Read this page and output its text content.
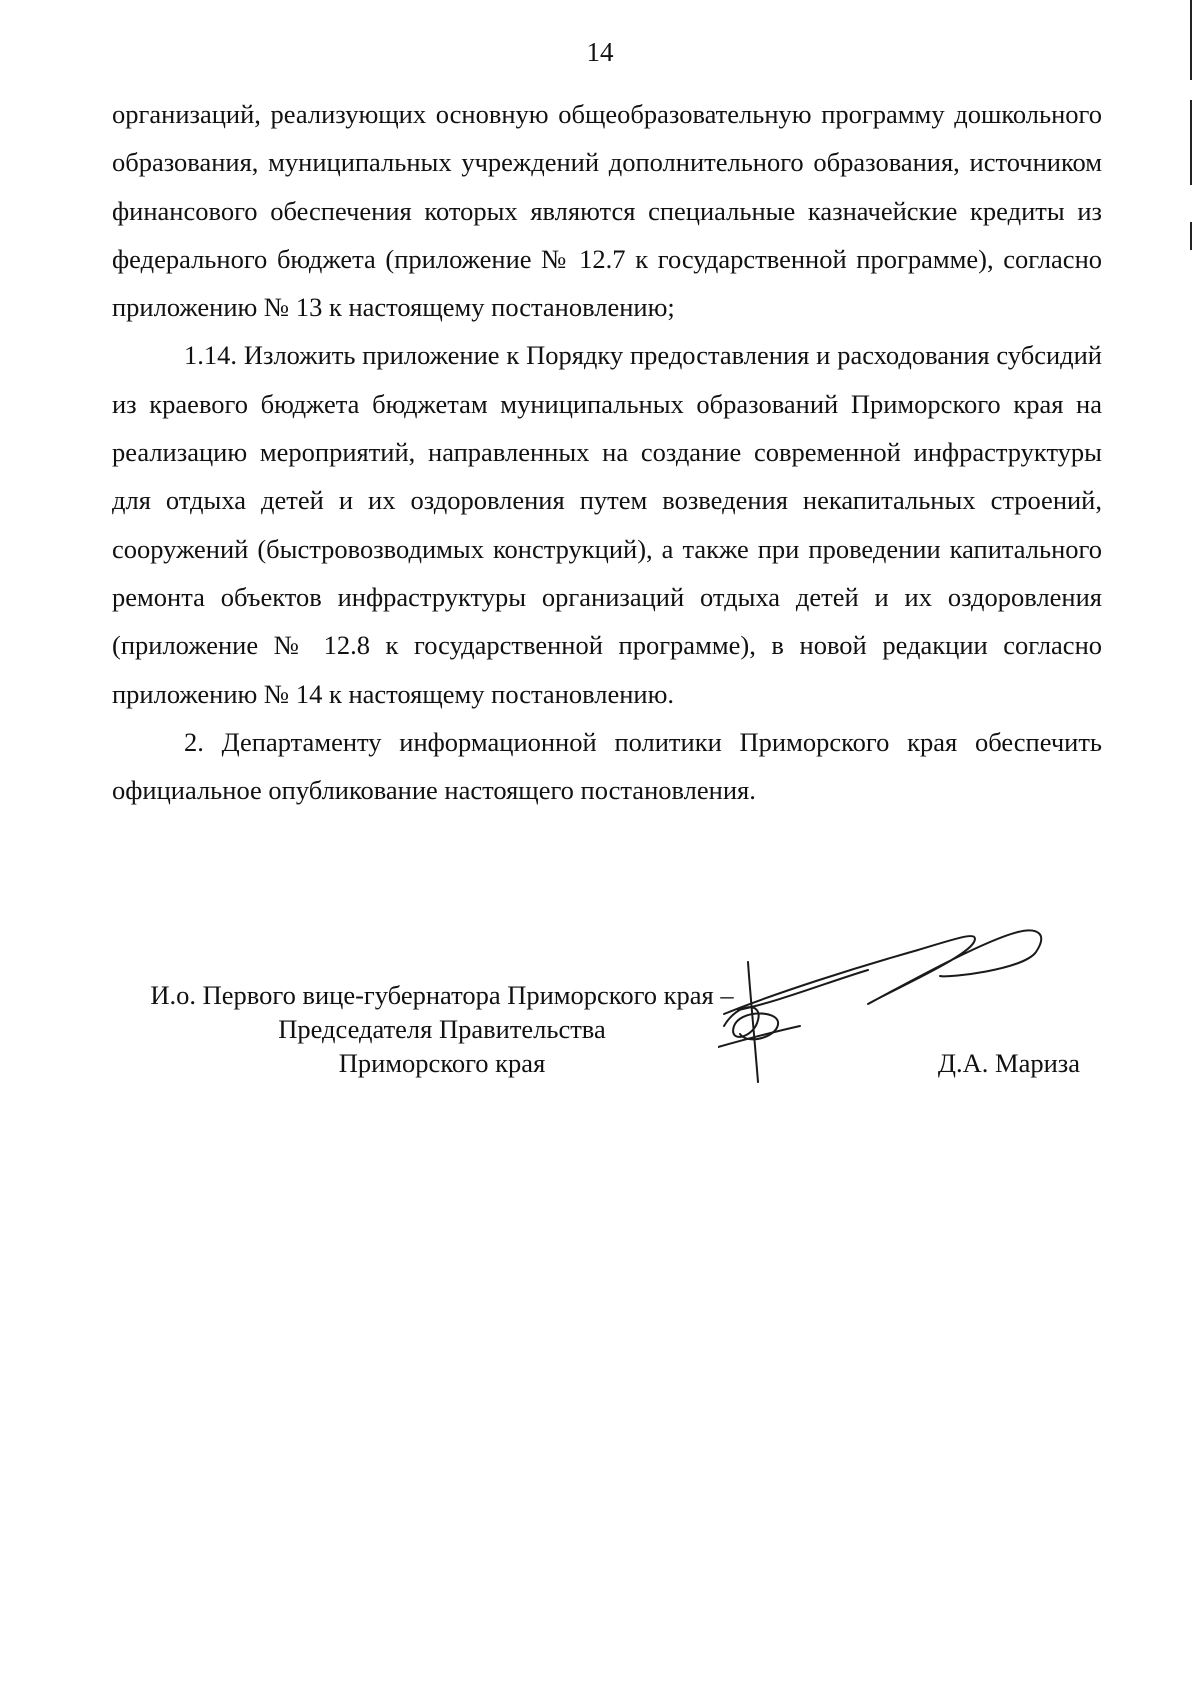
14

организаций, реализующих основную общеобразовательную программу дошкольного образования, муниципальных учреждений дополнительного образования, источником финансового обеспечения которых являются специальные казначейские кредиты из федерального бюджета (приложение № 12.7 к государственной программе), согласно приложению № 13 к настоящему постановлению;

1.14. Изложить приложение к Порядку предоставления и расходования субсидий из краевого бюджета бюджетам муниципальных образований Приморского края на реализацию мероприятий, направленных на создание современной инфраструктуры для отдыха детей и их оздоровления путем возведения некапитальных строений, сооружений (быстровозводимых конструкций), а также при проведении капитального ремонта объектов инфраструктуры организаций отдыха детей и их оздоровления (приложение № 12.8 к государственной программе), в новой редакции согласно приложению № 14 к настоящему постановлению.

2. Департаменту информационной политики Приморского края обеспечить официальное опубликование настоящего постановления.

И.о. Первого вице-губернатора Приморского края –
Председателя Правительства
Приморского края	Д.А. Мариза
